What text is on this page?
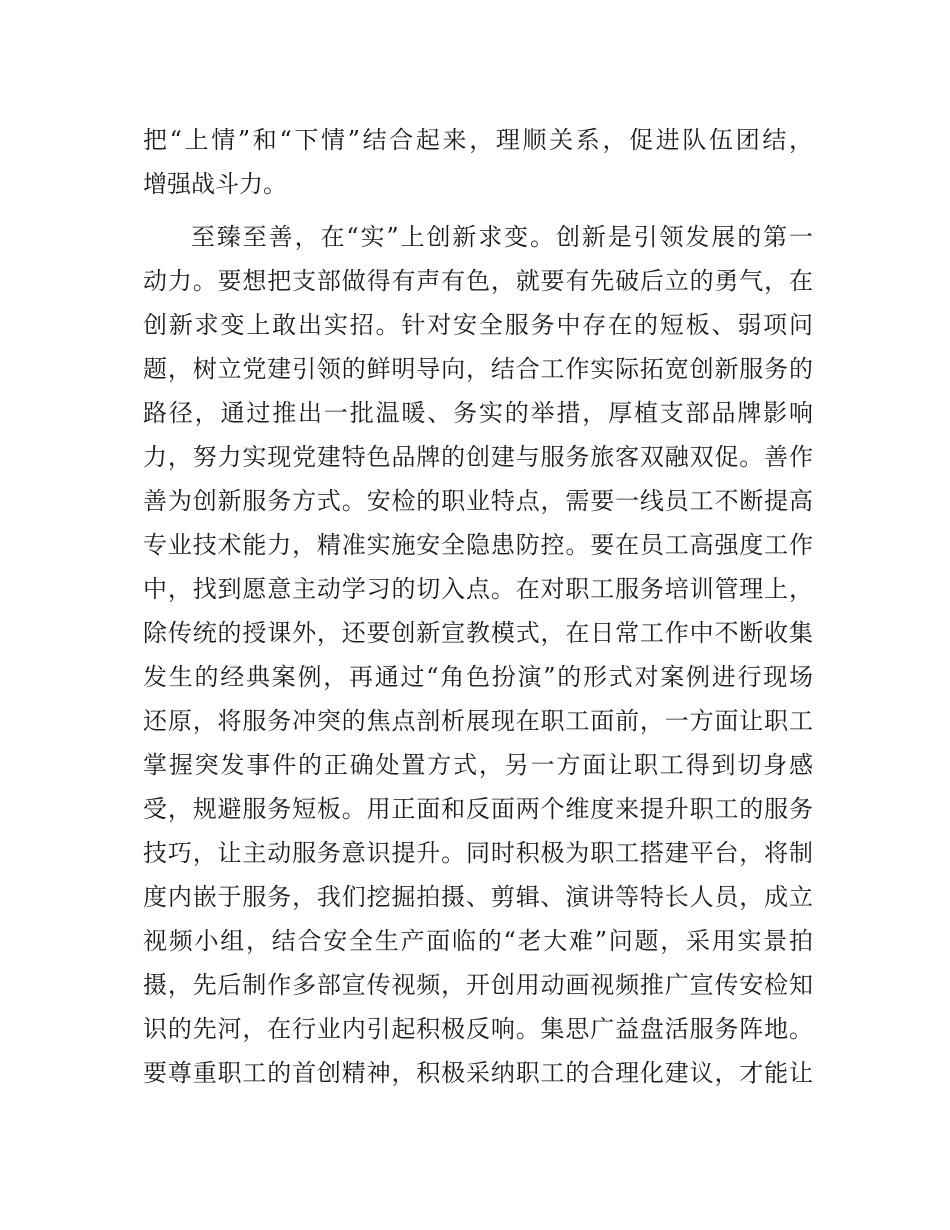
把“上情”和“下情”结合起来，理顺关系，促进队伍团结，

增强战斗力。

至臻至善，在“实”上创新求变。创新是引领发展的第一

动力。要想把支部做得有声有色，就要有先破后立的勇气，在

创新求变上敢出实招。针对安全服务中存在的短板、弱项问

题，树立党建引领的鲜明导向，结合工作实际拓宽创新服务的

路径，通过推出一批温暖、务实的举措，厚植支部品牌影响

力，努力实现党建特色品牌的创建与服务旅客双融双促。善作

善为创新服务方式。安检的职业特点，需要一线员工不断提高

专业技术能力，精准实施安全隐患防控。要在员工高强度工作

中，找到愿意主动学习的切入点。在对职工服务培训管理上，

除传统的授课外，还要创新宣教模式，在日常工作中不断收集

发生的经典案例，再通过“角色扮演”的形式对案例进行现场

还原，将服务冲突的焦点剖析展现在职工面前，一方面让职工

掌握突发事件的正确处置方式，另一方面让职工得到切身感

受，规避服务短板。用正面和反面两个维度来提升职工的服务

技巧，让主动服务意识提升。同时积极为职工搭建平台，将制

度内嵌于服务，我们挖掘拍摄、剪辑、演讲等特长人员，成立

视频小组，结合安全生产面临的“老大难”问题，采用实景拍

摄，先后制作多部宣传视频，开创用动画视频推广宣传安检知

识的先河，在行业内引起积极反响。集思广益盘活服务阵地。

要尊重职工的首创精神，积极采纳职工的合理化建议，才能让
